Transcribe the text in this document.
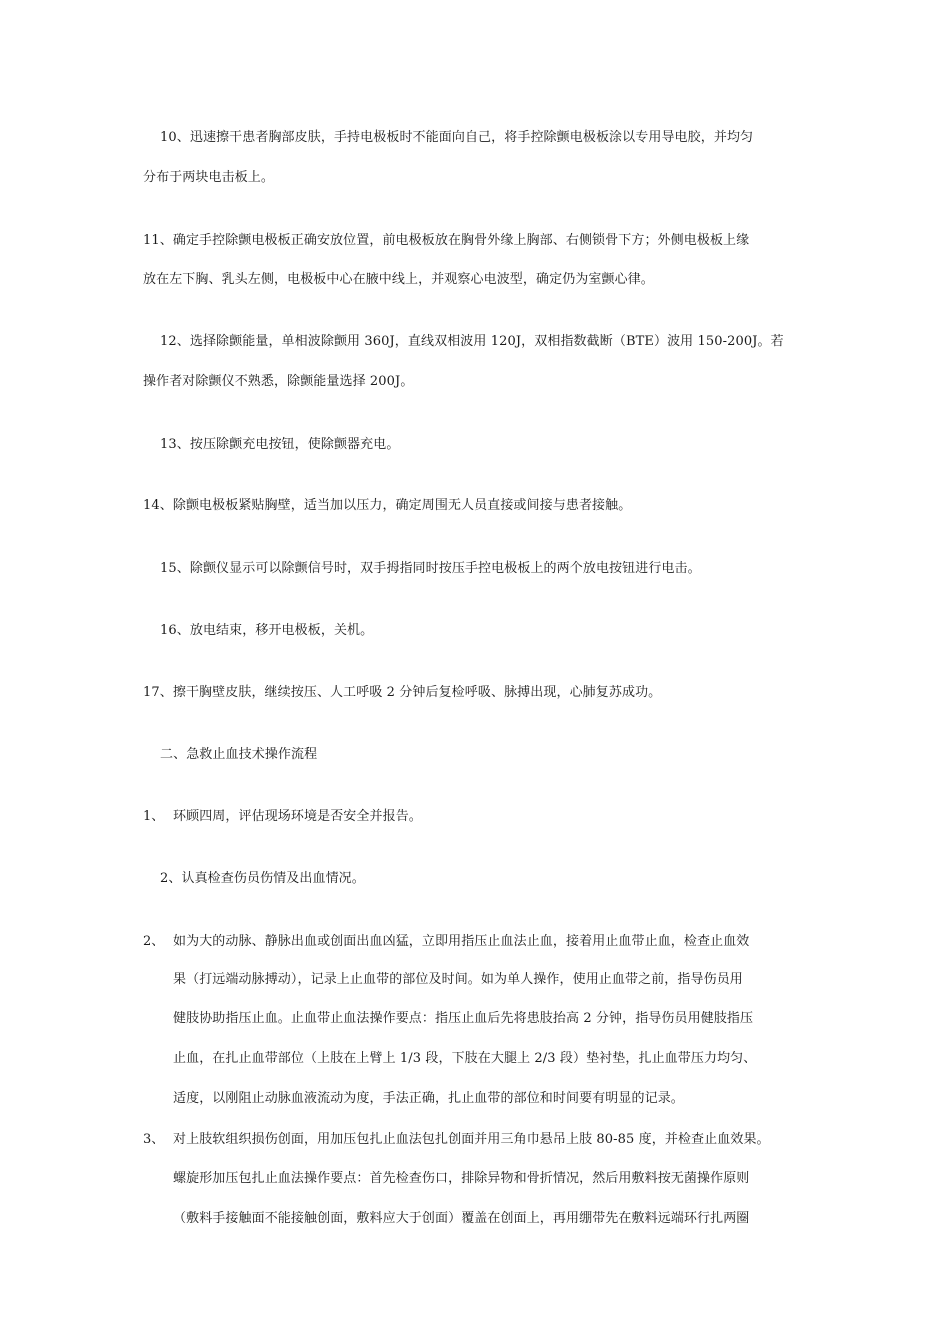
10、迅速擦干患者胸部皮肤，手持电极板时不能面向自己，将手控除颤电极板涂以专用导电胶，并均匀
分布于两块电击板上。
11、确定手控除颤电极板正确安放位置，前电极板放在胸骨外缘上胸部、右侧锁骨下方；外侧电极板上缘
放在左下胸、乳头左侧，电极板中心在腋中线上，并观察心电波型，确定仍为室颤心律。
12、选择除颤能量，单相波除颤用 360J，直线双相波用 120J，双相指数截断（BTE）波用 150-200J。若
操作者对除颤仪不熟悉，除颤能量选择 200J。
13、按压除颤充电按钮，使除颤器充电。
14、除颤电极板紧贴胸壁，适当加以压力，确定周围无人员直接或间接与患者接触。
15、除颤仪显示可以除颤信号时，双手拇指同时按压手控电极板上的两个放电按钮进行电击。
16、放电结束，移开电极板，关机。
17、擦干胸壁皮肤，继续按压、人工呼吸 2 分钟后复检呼吸、脉搏出现，心肺复苏成功。
二、急救止血技术操作流程
1、 环顾四周，评估现场环境是否安全并报告。
2、认真检查伤员伤情及出血情况。
2、 如为大的动脉、静脉出血或创面出血凶猛，立即用指压止血法止血，接着用止血带止血，检查止血效
果（打远端动脉搏动），记录上止血带的部位及时间。如为单人操作，使用止血带之前，指导伤员用
健肢协助指压止血。止血带止血法操作要点：指压止血后先将患肢抬高 2 分钟，指导伤员用健肢指压
止血，在扎止血带部位（上肢在上臂上 1/3 段，下肢在大腿上 2/3 段）垫衬垫，扎止血带压力均匀、
适度，以刚阻止动脉血液流动为度，手法正确，扎止血带的部位和时间要有明显的记录。
3、 对上肢软组织损伤创面，用加压包扎止血法包扎创面并用三角巾悬吊上肢 80-85 度，并检查止血效果。
螺旋形加压包扎止血法操作要点：首先检查伤口，排除异物和骨折情况，然后用敷料按无菌操作原则
（敷料手接触面不能接触创面，敷料应大于创面）覆盖在创面上，再用绷带先在敷料远端环行扎两圈
